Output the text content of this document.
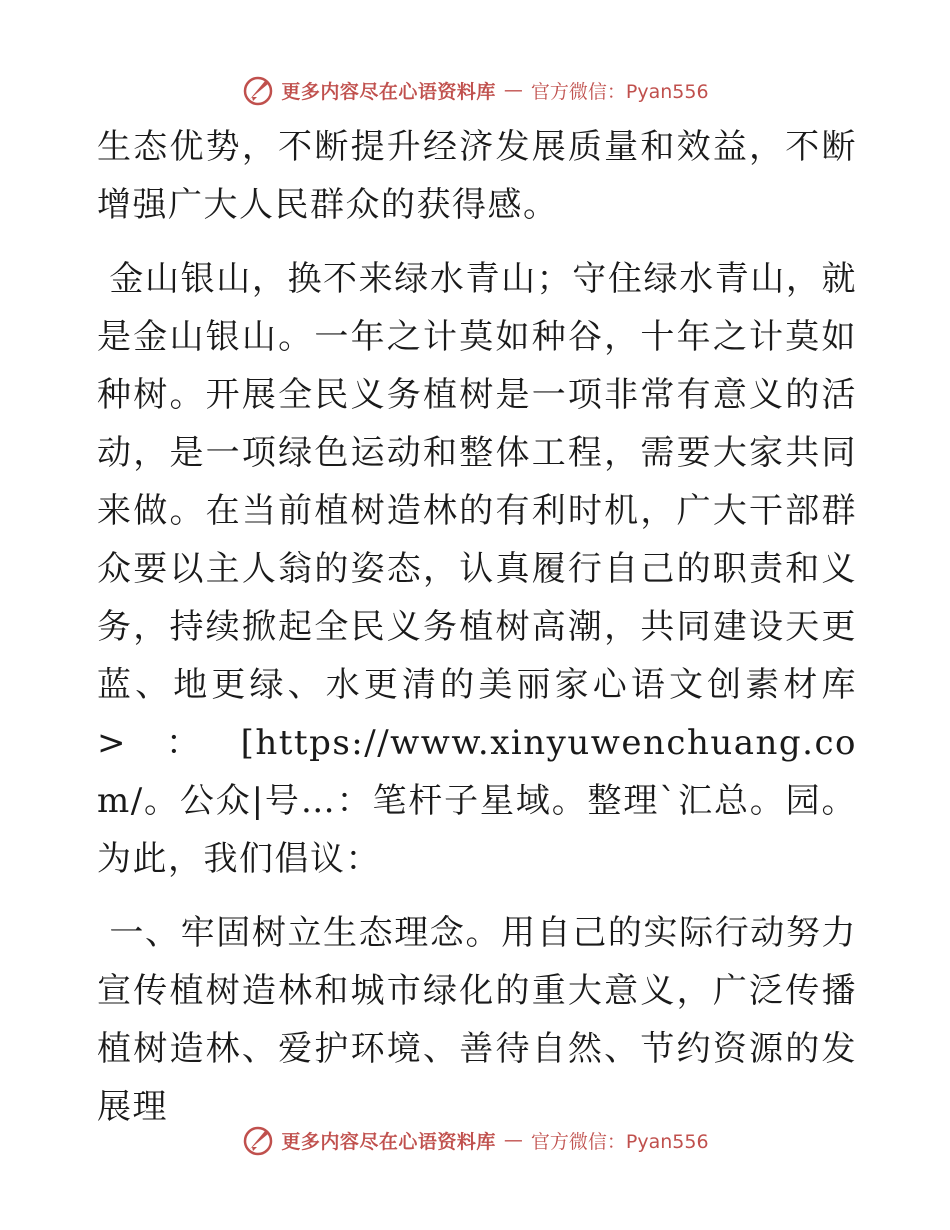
更多内容尽在心语资料库 — 官方微信：Pyan556

生态优势，不断提升经济发展质量和效益，不断增强广大人民群众的获得感。

金山银山，换不来绿水青山；守住绿水青山，就是金山银山。一年之计莫如种谷，十年之计莫如种树。开展全民义务植树是一项非常有意义的活动，是一项绿色运动和整体工程，需要大家共同来做。在当前植树造林的有利时机，广大干部群众要以主人翁的姿态，认真履行自己的职责和义务，持续掀起全民义务植树高潮，共同建设天更蓝、地更绿、水更清的美丽家心语文创素材库>：[https://www.xinyuwenchuang.com/。公众|号…：笔杆子星域。整理`汇总。园。为此，我们倡议：

一、牢固树立生态理念。用自己的实际行动努力宣传植树造林和城市绿化的重大意义，广泛传播植树造林、爱护环境、善待自然、节约资源的发展理

更多内容尽在心语资料库 — 官方微信：Pyan556
